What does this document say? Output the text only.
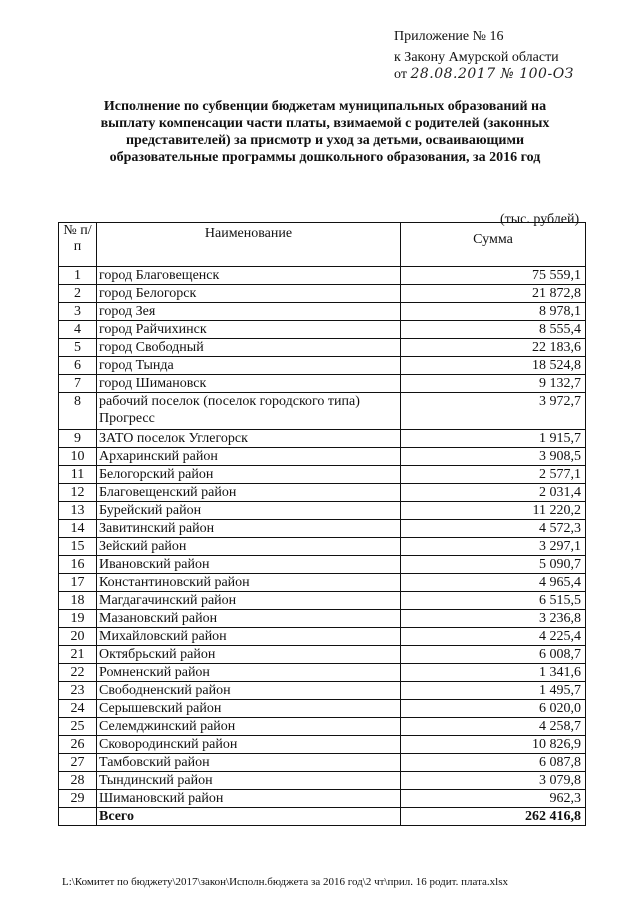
Приложение № 16
к Закону Амурской области
от 28.08.2017 № 100-ОЗ
Исполнение по субвенции бюджетам муниципальных образований на выплату компенсации части платы, взимаемой с родителей (законных представителей) за присмотр и уход за детьми, осваивающими образовательные программы дошкольного образования, за 2016 год
(тыс. рублей)
№ п/п	Наименование	Сумма
1	город Благовещенск	75 559,1
2	город Белогорск	21 872,8
3	город Зея	8 978,1
4	город Райчихинск	8 555,4
5	город Свободный	22 183,6
6	город Тында	18 524,8
7	город Шимановск	9 132,7
8	рабочий поселок (поселок городского типа) Прогресс	3 972,7
9	ЗАТО поселок Углегорск	1 915,7
10	Архаринский район	3 908,5
11	Белогорский район	2 577,1
12	Благовещенский район	2 031,4
13	Бурейский район	11 220,2
14	Завитинский район	4 572,3
15	Зейский район	3 297,1
16	Ивановский район	5 090,7
17	Константиновский район	4 965,4
18	Магдагачинский район	6 515,5
19	Мазановский район	3 236,8
20	Михайловский район	4 225,4
21	Октябрьский район	6 008,7
22	Ромненский район	1 341,6
23	Свободненский район	1 495,7
24	Серышевский район	6 020,0
25	Селемджинский район	4 258,7
26	Сковородинский район	10 826,9
27	Тамбовский район	6 087,8
28	Тындинский район	3 079,8
29	Шимановский район	962,3
	Всего	262 416,8
L:\Комитет по бюджету\2017\закон\Исполн.бюджета за 2016 год\2 чт\прил. 16 родит. плата.xlsx
